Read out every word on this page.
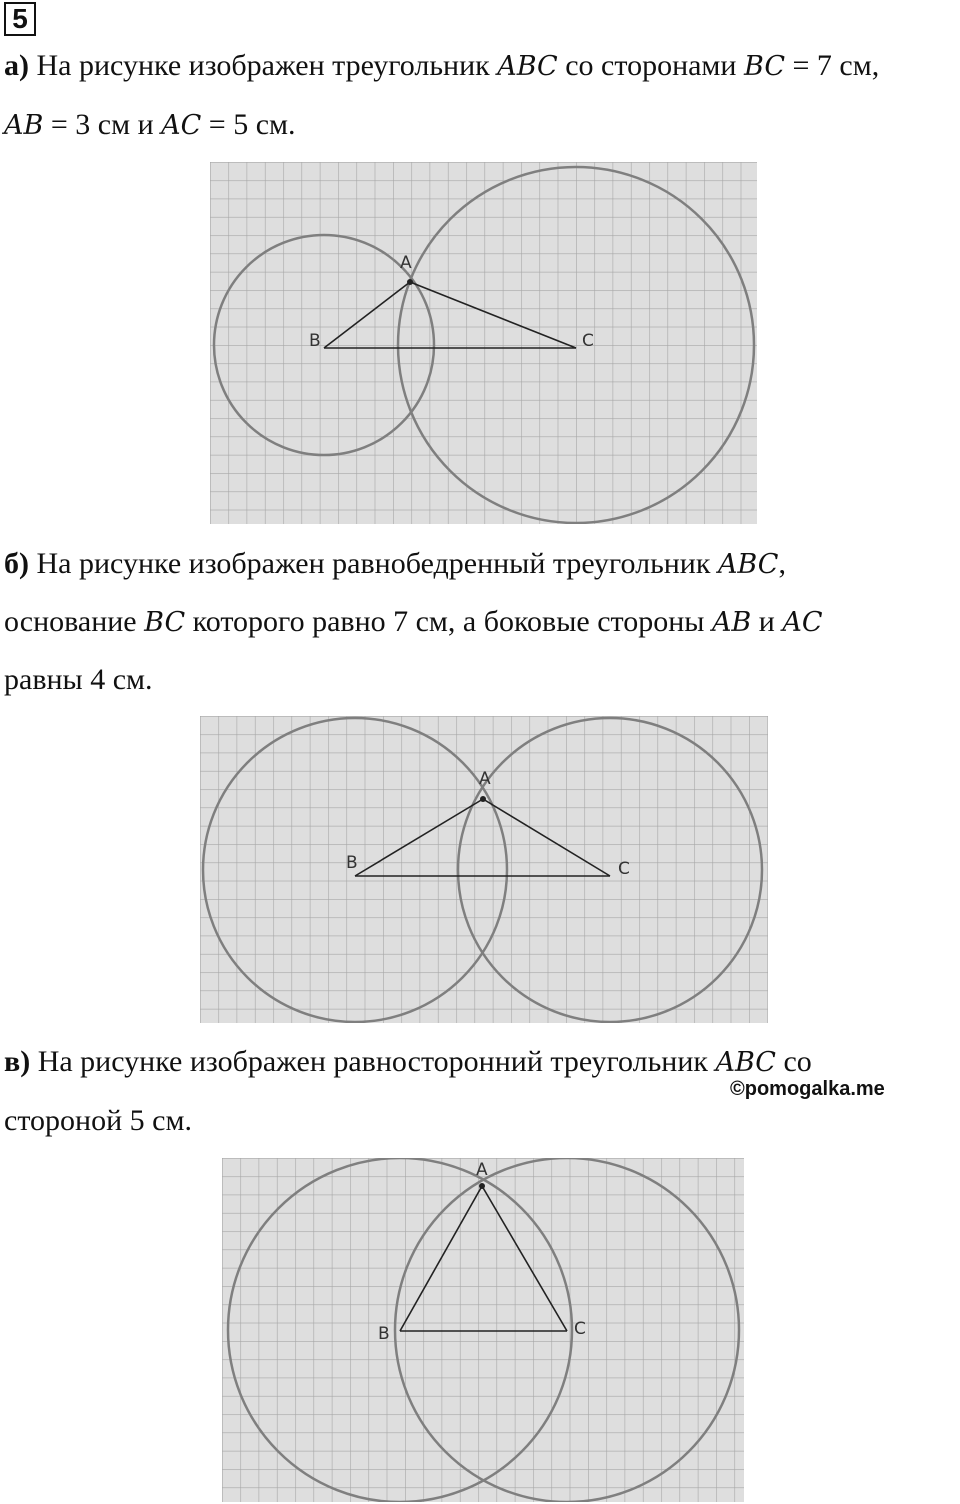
5
а) На рисунке изображен треугольник ABC со сторонами BC = 7 см,
AB = 3 см и AC = 5 см.
A
B	C
б) На рисунке изображен равнобедренный треугольник ABC,
основание BC которого равно 7 см, а боковые стороны AB и AC
равны 4 см.
A
B	C
в) На рисунке изображен равносторонний треугольник ABC со
©pomogalka.me
стороной 5 см.
A
B	C
